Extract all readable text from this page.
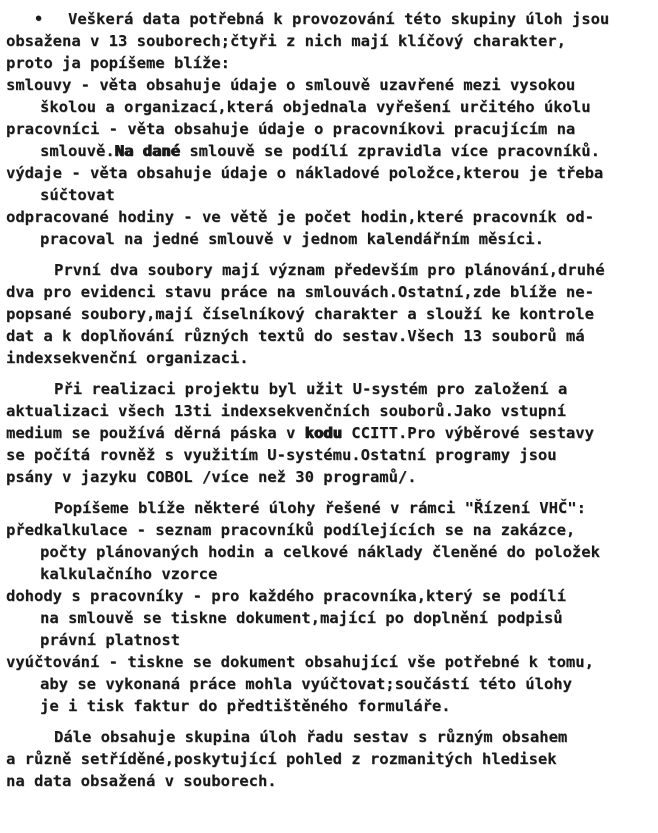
• Veškerá data potřebná k provozování této skupiny úloh jsou
obsažena v 13 souborech;čtyři z nich mají klíčový charakter,
proto ja popíšeme blíže:
smlouvy - věta obsahuje údaje o smlouvě uzavřené mezi vysokou
školou a organizací,která objednala vyřešení určitého úkolu
pracovníci - věta obsahuje údaje o pracovníkovi pracujícím na
smlouvě.Na dané smlouvě se podílí zpravidla více pracovníků.
výdaje - věta obsahuje údaje o nákladové položce,kterou je třeba
súčtovat
odpracované hodiny - ve větě je počet hodin,které pracovník od-
pracoval na jedné smlouvě v jednom kalendářním měsíci.
První dva soubory mají význam především pro plánování,druhé
dva pro evidenci stavu práce na smlouvách.Ostatní,zde blíže ne-
popsané soubory,mají číselníkový charakter a slouží ke kontrole
dat a k doplňování různých textů do sestav.Všech 13 souborů má
indexsekvenční organizaci.
Při realizaci projektu byl užit U-systém pro založení a
aktualizaci všech 13ti indexsekvenčních souborů.Jako vstupní
medium se používá děrná páska v kodu CCITT.Pro výběrové sestavy
se počítá rovněž s využitím U-systému.Ostatní programy jsou
psány v jazyku COBOL /více než 30 programů/.
Popíšeme blíže některé úlohy řešené v rámci "Řízení VHČ":
předkalkulace - seznam pracovníků podílejících se na zakázce,
počty plánovaných hodin a celkové náklady členěné do položek
kalkulačního vzorce
dohody s pracovníky - pro každého pracovníka,který se podílí
na smlouvě se tiskne dokument,mající po doplnění podpisů
právní platnost
vyúčtování - tiskne se dokument obsahující vše potřebné k tomu,
aby se vykonaná práce mohla vyúčtovat;součástí této úlohy
je i tisk faktur do předtištěného formuláře.
Dále obsahuje skupina úloh řadu sestav s různým obsahem
a různě setříděné,poskytující pohled z rozmanitých hledisek
na data obsažená v souborech.
